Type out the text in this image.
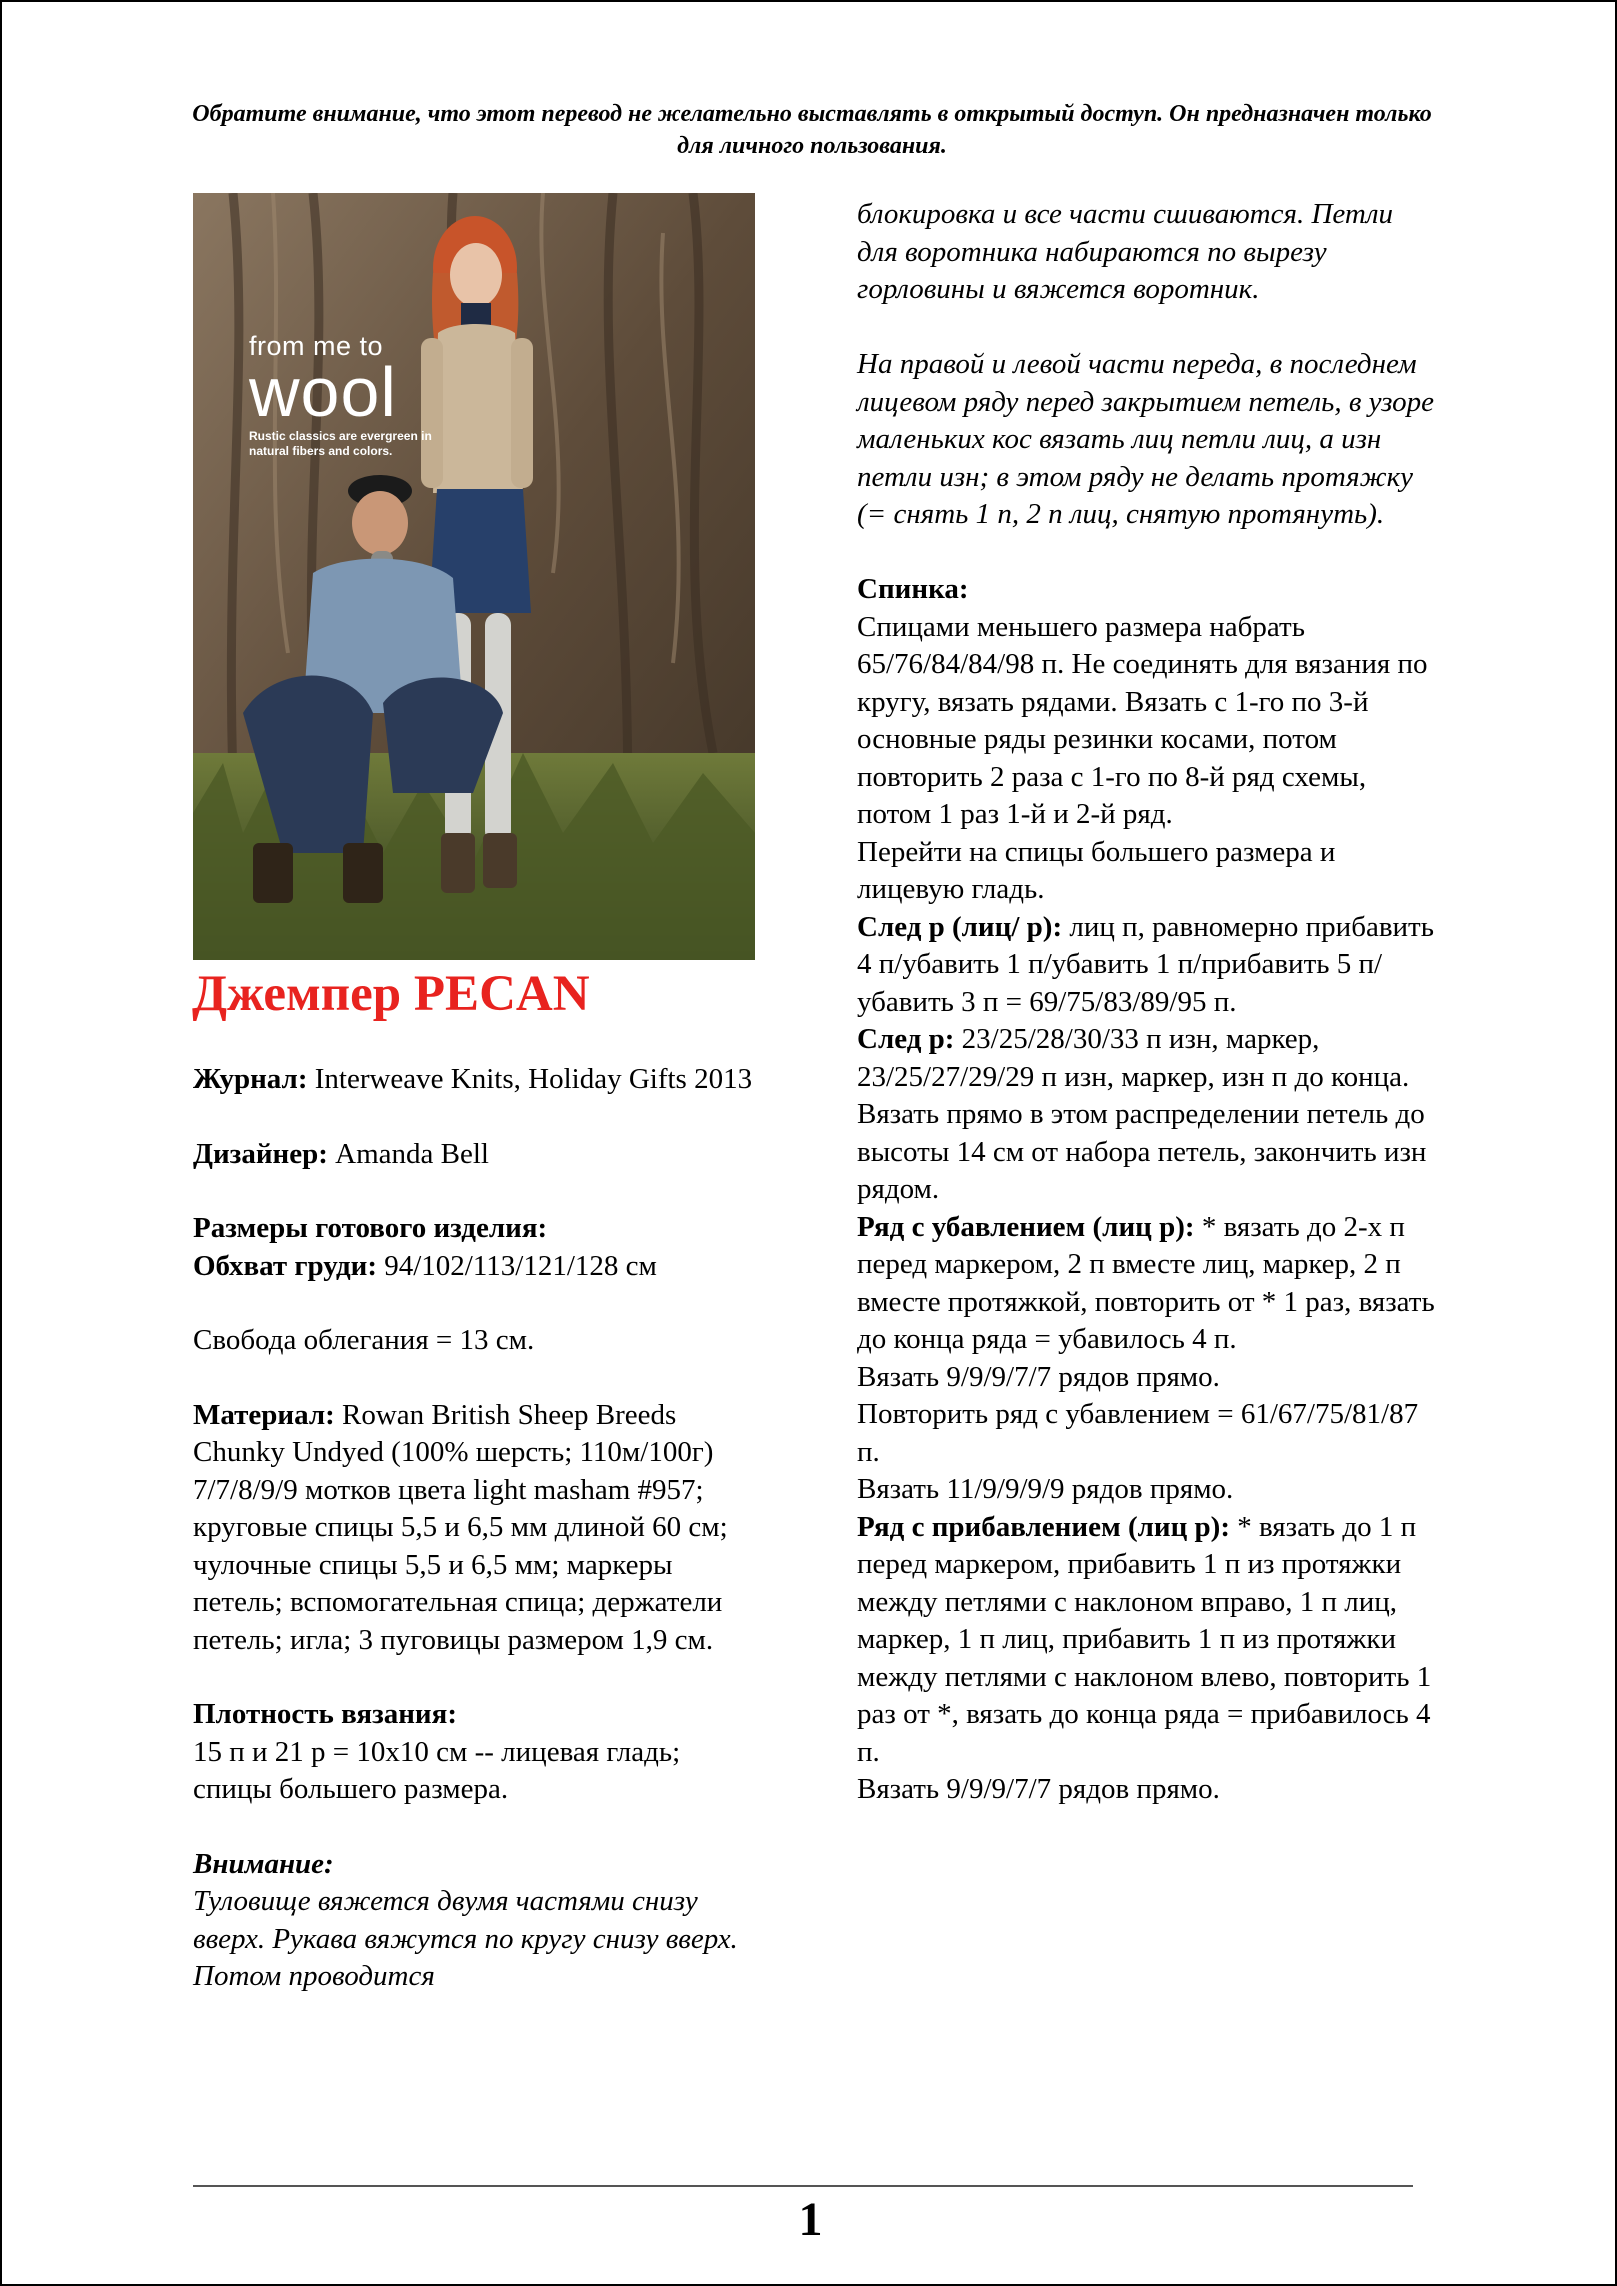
Обратите внимание, что этот перевод не желательно выставлять в открытый доступ. Он предназначен только для личного пользования.
from me to
wool
Rustic classics are evergreen in natural fibers and colors.
Джемпер PECAN
Журнал: Interweave Knits, Holiday Gifts 2013
Дизайнер: Amanda Bell
Размеры готового изделия:
Обхват груди: 94/102/113/121/128 см
Свобода облегания = 13 см.
Материал: Rowan British Sheep Breeds Chunky Undyed (100% шерсть; 110м/100г) 7/7/8/9/9 мотков цвета light masham #957; круговые спицы 5,5 и 6,5 мм длиной 60 см; чулочные спицы 5,5 и 6,5 мм; маркеры петель; вспомогательная спица; держатели петель; игла; 3 пуговицы размером 1,9 см.
Плотность вязания:
15 п и 21 р = 10х10 см -- лицевая гладь; спицы большего размера.
Внимание:
Туловище вяжется двумя частями снизу вверх. Рукава вяжутся по кругу снизу вверх. Потом проводится
блокировка и все части сшиваются. Петли для воротника набираются по вырезу горловины и вяжется воротник.
На правой и левой части переда, в последнем лицевом ряду перед закрытием петель, в узоре маленьких кос вязать лиц петли лиц, а изн петли изн; в этом ряду не делать протяжку (= снять 1 п, 2 п лиц, снятую протянуть).
Спинка:
Спицами меньшего размера набрать 65/76/84/84/98 п. Не соединять для вязания по кругу, вязать рядами. Вязать с 1-го по 3-й основные ряды резинки косами, потом повторить 2 раза с 1-го по 8-й ряд схемы, потом 1 раз 1-й и 2-й ряд.
Перейти на спицы большего размера и лицевую гладь.
След р (лиц/ р): лиц п, равномерно прибавить 4 п/убавить 1 п/убавить 1 п/прибавить 5 п/убавить 3 п = 69/75/83/89/95 п.
След р: 23/25/28/30/33 п изн, маркер, 23/25/27/29/29 п изн, маркер, изн п до конца.
Вязать прямо в этом распределении петель до высоты 14 см от набора петель, закончить изн рядом.
Ряд с убавлением (лиц р): * вязать до 2-х п перед маркером, 2 п вместе лиц, маркер, 2 п вместе протяжкой, повторить от * 1 раз, вязать до конца ряда = убавилось 4 п.
Вязать 9/9/9/7/7 рядов прямо.
Повторить ряд с убавлением = 61/67/75/81/87 п.
Вязать 11/9/9/9/9 рядов прямо.
Ряд с прибавлением (лиц р): * вязать до 1 п перед маркером, прибавить 1 п из протяжки между петлями с наклоном вправо, 1 п лиц, маркер, 1 п лиц, прибавить 1 п из протяжки между петлями с наклоном влево, повторить 1 раз от *, вязать до конца ряда = прибавилось 4 п.
Вязать 9/9/9/7/7 рядов прямо.
1
